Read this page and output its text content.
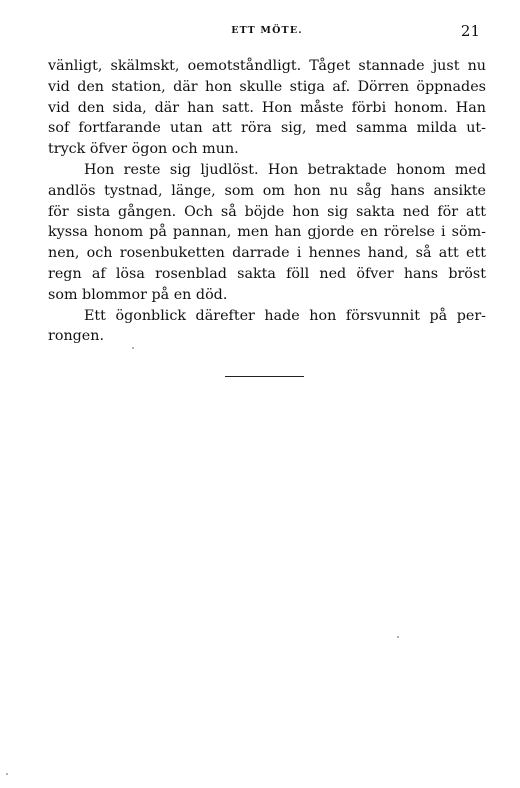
ETT MÖTE.	21

vänligt, skälmskt, oemotståndligt. Tåget stannade just nu
vid den station, där hon skulle stiga af. Dörren öppnades
vid den sida, där han satt. Hon måste förbi honom. Han
sof fortfarande utan att röra sig, med samma milda ut-
tryck öfver ögon och mun.

Hon reste sig ljudlöst. Hon betraktade honom med
andlös tystnad, länge, som om hon nu såg hans ansikte
för sista gången. Och så böjde hon sig sakta ned för att
kyssa honom på pannan, men han gjorde en rörelse i söm-
nen, och rosenbuketten darrade i hennes hand, så att ett
regn af lösa rosenblad sakta föll ned öfver hans bröst
som blommor på en död.

Ett ögonblick därefter hade hon försvunnit på per-
rongen.
